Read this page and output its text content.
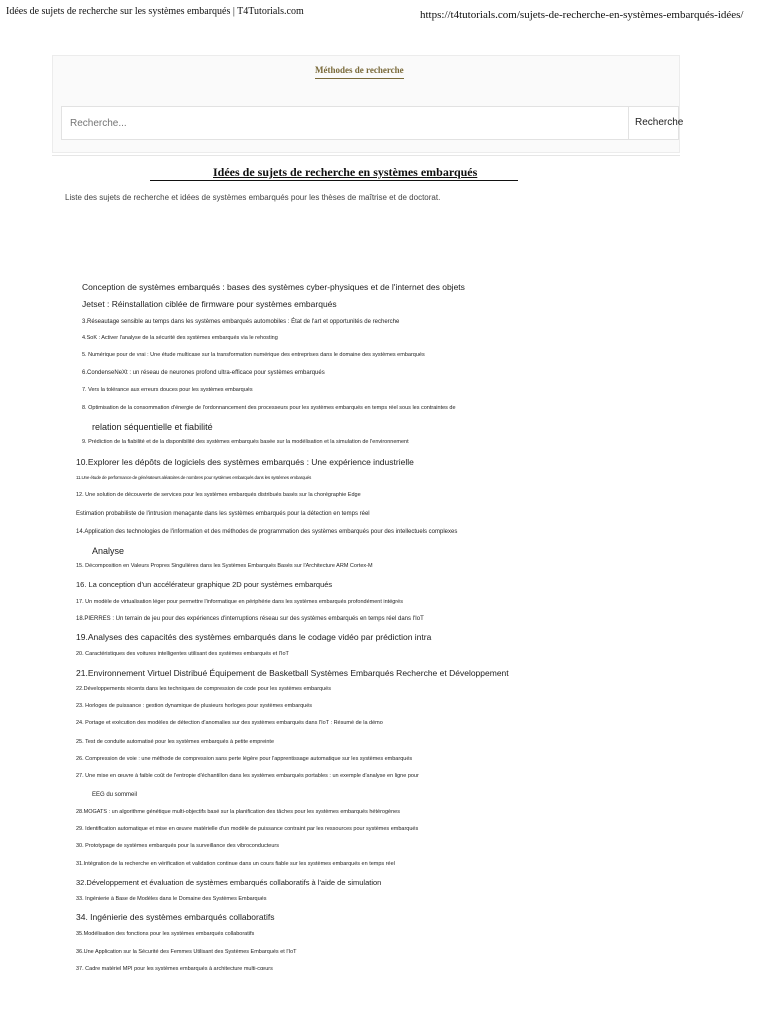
Idées de sujets de recherche sur les systèmes embarqués | T4Tutorials.com	https://t4tutorials.com/sujets-de-recherche-en-systèmes-embarqués-idées/
Méthodes de recherche
Recherche...
Recherche
Idées de sujets de recherche en systèmes embarqués
Liste des sujets de recherche et idées de systèmes embarqués pour les thèses de maîtrise et de doctorat.
Conception de systèmes embarqués : bases des systèmes cyber-physiques et de l'internet des objets
Jetset : Réinstallation ciblée de firmware pour systèmes embarqués
3.Réseautage sensible au temps dans les systèmes embarqués automobiles : État de l'art et opportunités de recherche
4.SoK : Activer l'analyse de la sécurité des systèmes embarqués via le rehosting
5. Numérique pour de vrai : Une étude multicase sur la transformation numérique des entreprises dans le domaine des systèmes embarqués
6.CondenseNeXt : un réseau de neurones profond ultra-efficace pour systèmes embarqués
7. Vers la tolérance aux erreurs douces pour les systèmes embarqués
8. Optimisation de la consommation d'énergie de l'ordonnancement des processeurs pour les systèmes embarqués en temps réel sous les contraintes de
relation séquentielle et fiabilité
9. Prédiction de la fiabilité et de la disponibilité des systèmes embarqués basée sur la modélisation et la simulation de l'environnement
10.Explorer les dépôts de logiciels des systèmes embarqués : Une expérience industrielle
11.Une étude de performance de générateurs aléatoires de nombres pour systèmes embarqués dans les systèmes embarqués
12. Une solution de découverte de services pour les systèmes embarqués distribués basés sur la chorégraphie Edge
Estimation probabiliste de l'intrusion menaçante dans les systèmes embarqués pour la détection en temps réel
14.Application des technologies de l'information et des méthodes de programmation des systèmes embarqués pour des intellectuels complexes
Analyse
15. Décomposition en Valeurs Propres Singulières dans les Systèmes Embarqués Basés sur l'Architecture ARM Cortex-M
16. La conception d'un accélérateur graphique 2D pour systèmes embarqués
17. Un modèle de virtualisation léger pour permettre l'informatique en périphérie dans les systèmes embarqués profondément intégrés
18.PIERRES : Un terrain de jeu pour des expériences d'interruptions réseau sur des systèmes embarqués en temps réel dans l'IoT
19.Analyses des capacités des systèmes embarqués dans le codage vidéo par prédiction intra
20. Caractéristiques des voitures intelligentes utilisant des systèmes embarqués et l'IoT
21.Environnement Virtuel Distribué Équipement de Basketball Systèmes Embarqués Recherche et Développement
22.Développements récents dans les techniques de compression de code pour les systèmes embarqués
23. Horloges de puissance : gestion dynamique de plusieurs horloges pour systèmes embarqués
24. Portage et exécution des modèles de détection d'anomalies sur des systèmes embarqués dans l'IoT : Résumé de la démo
25. Test de conduite automatisé pour les systèmes embarqués à petite empreinte
26. Compression de voie : une méthode de compression sans perte légère pour l'apprentissage automatique sur les systèmes embarqués
27. Une mise en œuvre à faible coût de l'entropie d'échantillon dans les systèmes embarqués portables : un exemple d'analyse en ligne pour
EEG du sommeil
28.MOGATS : un algorithme génétique multi-objectifs basé sur la planification des tâches pour les systèmes embarqués hétérogènes
29. Identification automatique et mise en œuvre matérielle d'un modèle de puissance contraint par les ressources pour systèmes embarqués
30. Prototypage de systèmes embarqués pour la surveillance des vibroconducteurs
31.Intégration de la recherche en vérification et validation continue dans un cours fiable sur les systèmes embarqués en temps réel
32.Développement et évaluation de systèmes embarqués collaboratifs à l'aide de simulation
33. Ingénierie à Base de Modèles dans le Domaine des Systèmes Embarqués
34. Ingénierie des systèmes embarqués collaboratifs
35.Modélisation des fonctions pour les systèmes embarqués collaboratifs
36.Une Application sur la Sécurité des Femmes Utilisant des Systèmes Embarqués et l'IoT
37. Cadre matériel MPI pour les systèmes embarqués à architecture multi-cœurs
